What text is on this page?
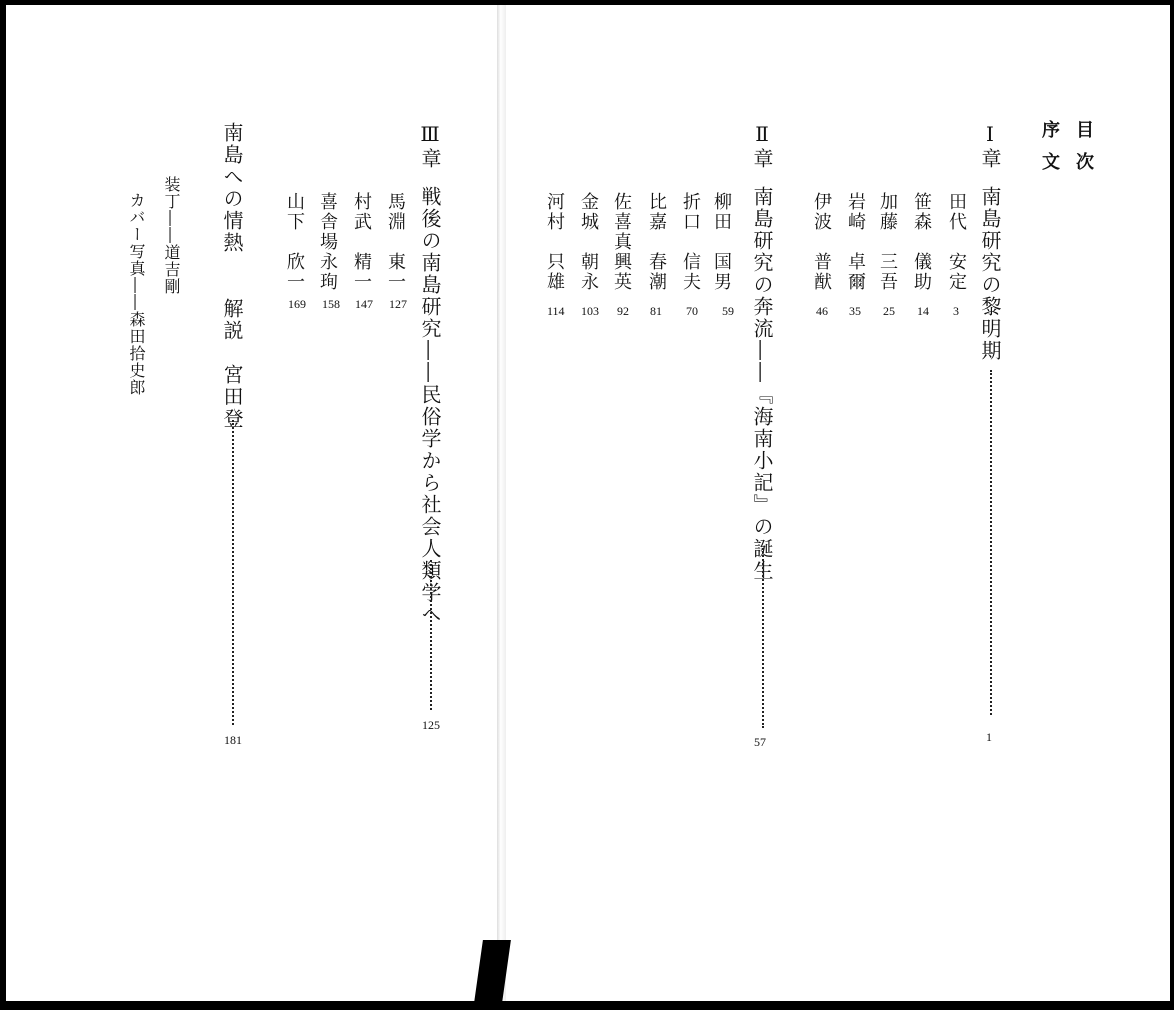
目次
序文
Ⅰ章
南島研究の黎明期
1
田代　安定
3
笹森　儀助
14
加藤　三吾
25
岩崎　卓爾
35
伊波　普猷
46
Ⅱ章
南島研究の奔流――『海南小記』の誕生
57
柳田　国男
59
折口　信夫
70
比嘉　春潮
81
佐喜真興英
92
金城　朝永
103
河村　只雄
114
Ⅲ章
戦後の南島研究――民俗学から社会人類学へ
125
馬淵　東一
127
村武　精一
147
喜舎場永珣
158
山下　欣一
169
南島への情熱　　解説　宮田登
181
装丁――道吉剛
カバー写真――森田拾史郎
